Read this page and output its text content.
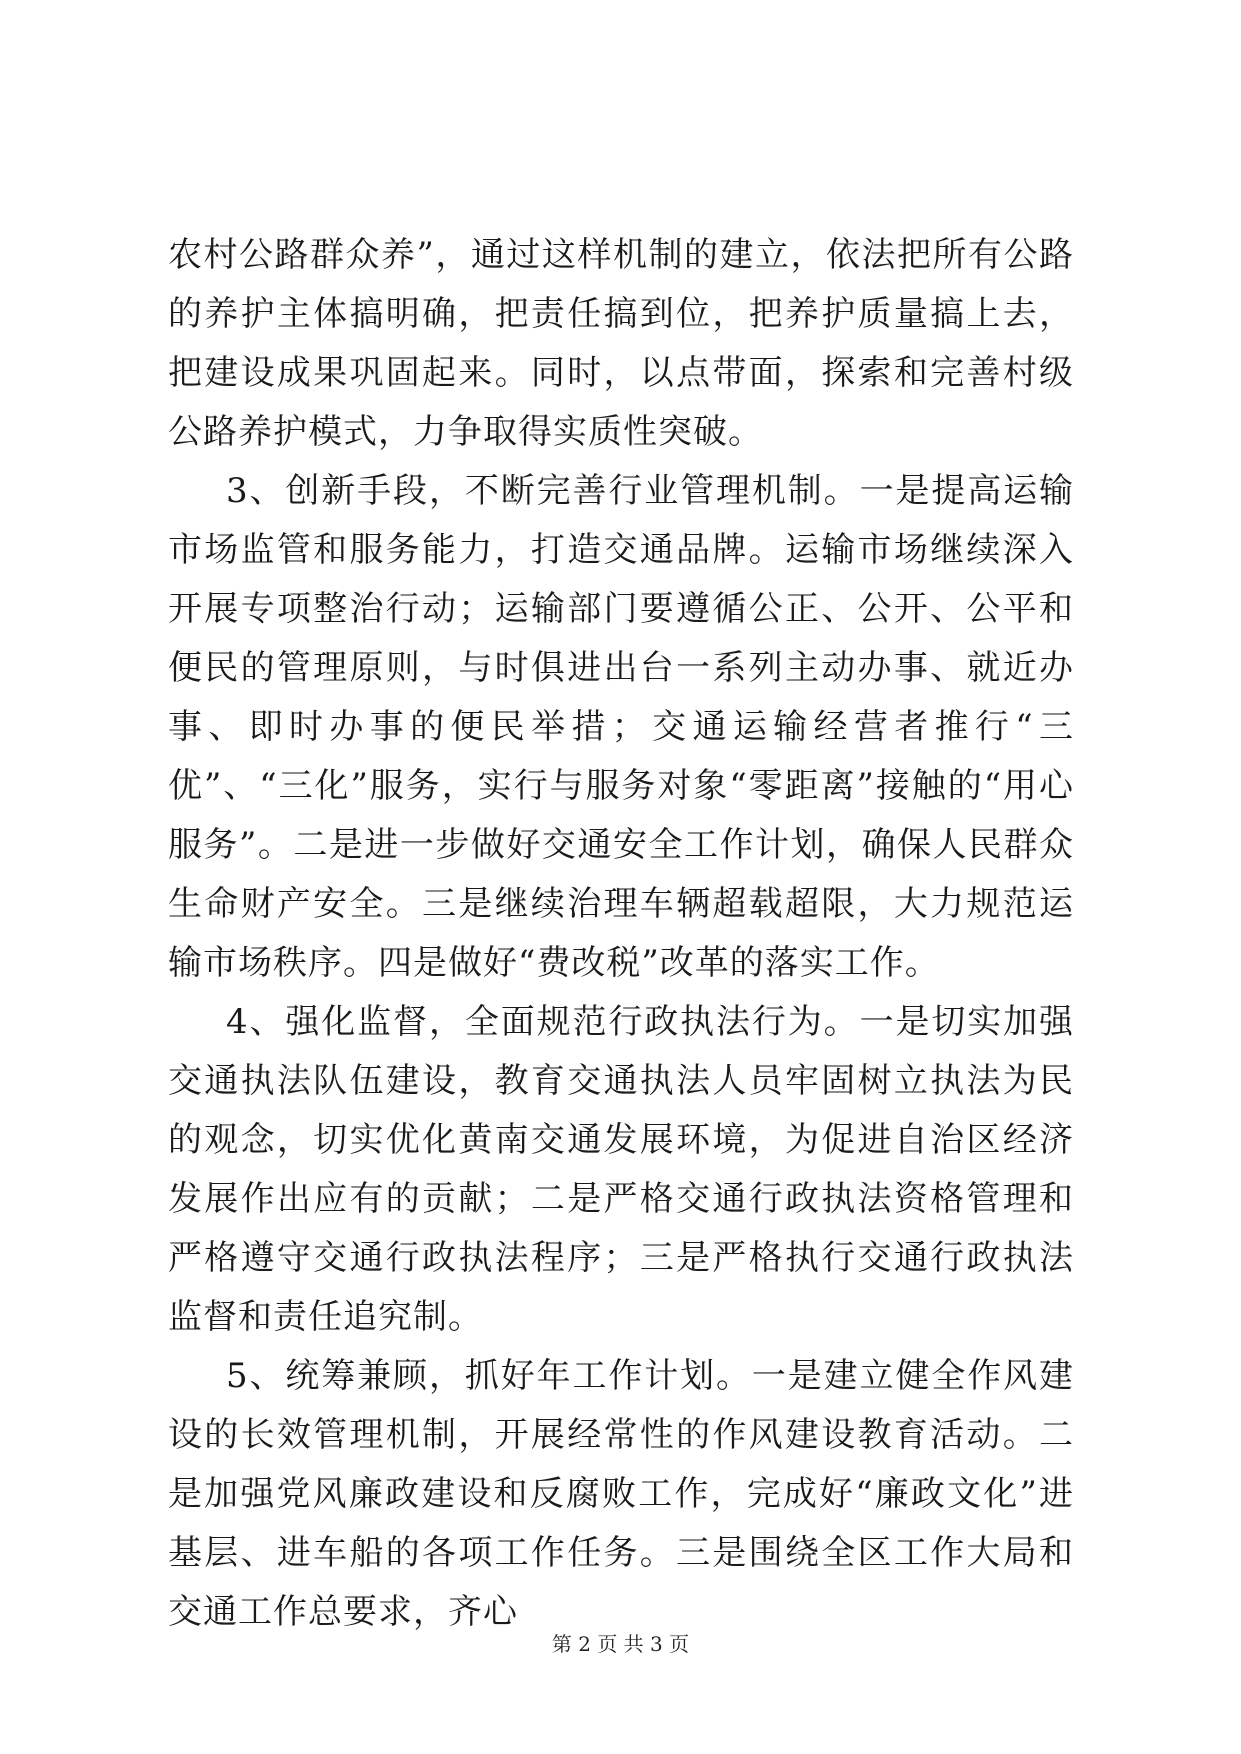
农村公路群众养”，通过这样机制的建立，依法把所有公路的养护主体搞明确，把责任搞到位，把养护质量搞上去，把建设成果巩固起来。同时，以点带面，探索和完善村级公路养护模式，力争取得实质性突破。

3、创新手段，不断完善行业管理机制。一是提高运输市场监管和服务能力，打造交通品牌。运输市场继续深入开展专项整治行动；运输部门要遵循公正、公开、公平和便民的管理原则，与时俱进出台一系列主动办事、就近办事、即时办事的便民举措；交通运输经营者推行“三优”、“三化”服务，实行与服务对象“零距离”接触的“用心服务”。二是进一步做好交通安全工作计划，确保人民群众生命财产安全。三是继续治理车辆超载超限，大力规范运输市场秩序。四是做好“费改税”改革的落实工作。

4、强化监督，全面规范行政执法行为。一是切实加强交通执法队伍建设，教育交通执法人员牢固树立执法为民的观念，切实优化黄南交通发展环境，为促进自治区经济发展作出应有的贡献；二是严格交通行政执法资格管理和严格遵守交通行政执法程序；三是严格执行交通行政执法监督和责任追究制。

5、统筹兼顾，抓好年工作计划。一是建立健全作风建设的长效管理机制，开展经常性的作风建设教育活动。二是加强党风廉政建设和反腐败工作，完成好“廉政文化”进基层、进车船的各项工作任务。三是围绕全区工作大局和交通工作总要求，齐心

第 2 页 共 3 页
